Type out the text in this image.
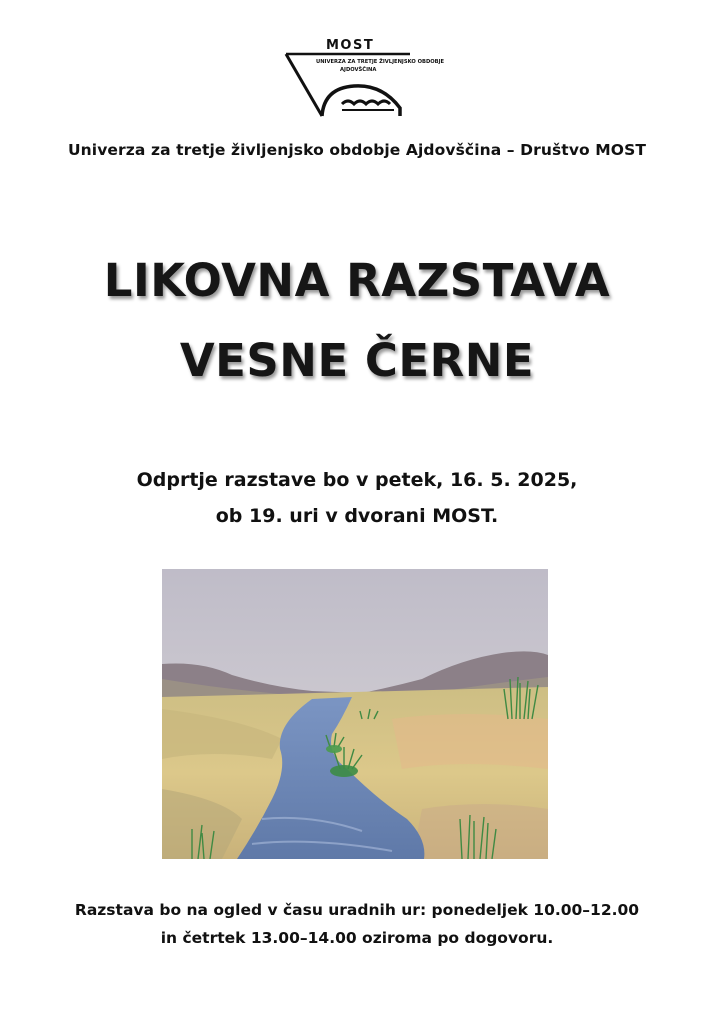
MOST
UNIVERZA ZA TRETJE ŽIVLJENJSKO OBDOBJE
AJDOVŠČINA
Univerza za tretje življenjsko obdobje Ajdovščina – Društvo MOST
LIKOVNA RAZSTAVA
VESNE ČERNE
Odprtje razstave bo v petek, 16. 5. 2025,
ob 19. uri v dvorani MOST.
Razstava bo na ogled v času uradnih ur: ponedeljek 10.00–12.00
in četrtek 13.00–14.00 oziroma po dogovoru.
